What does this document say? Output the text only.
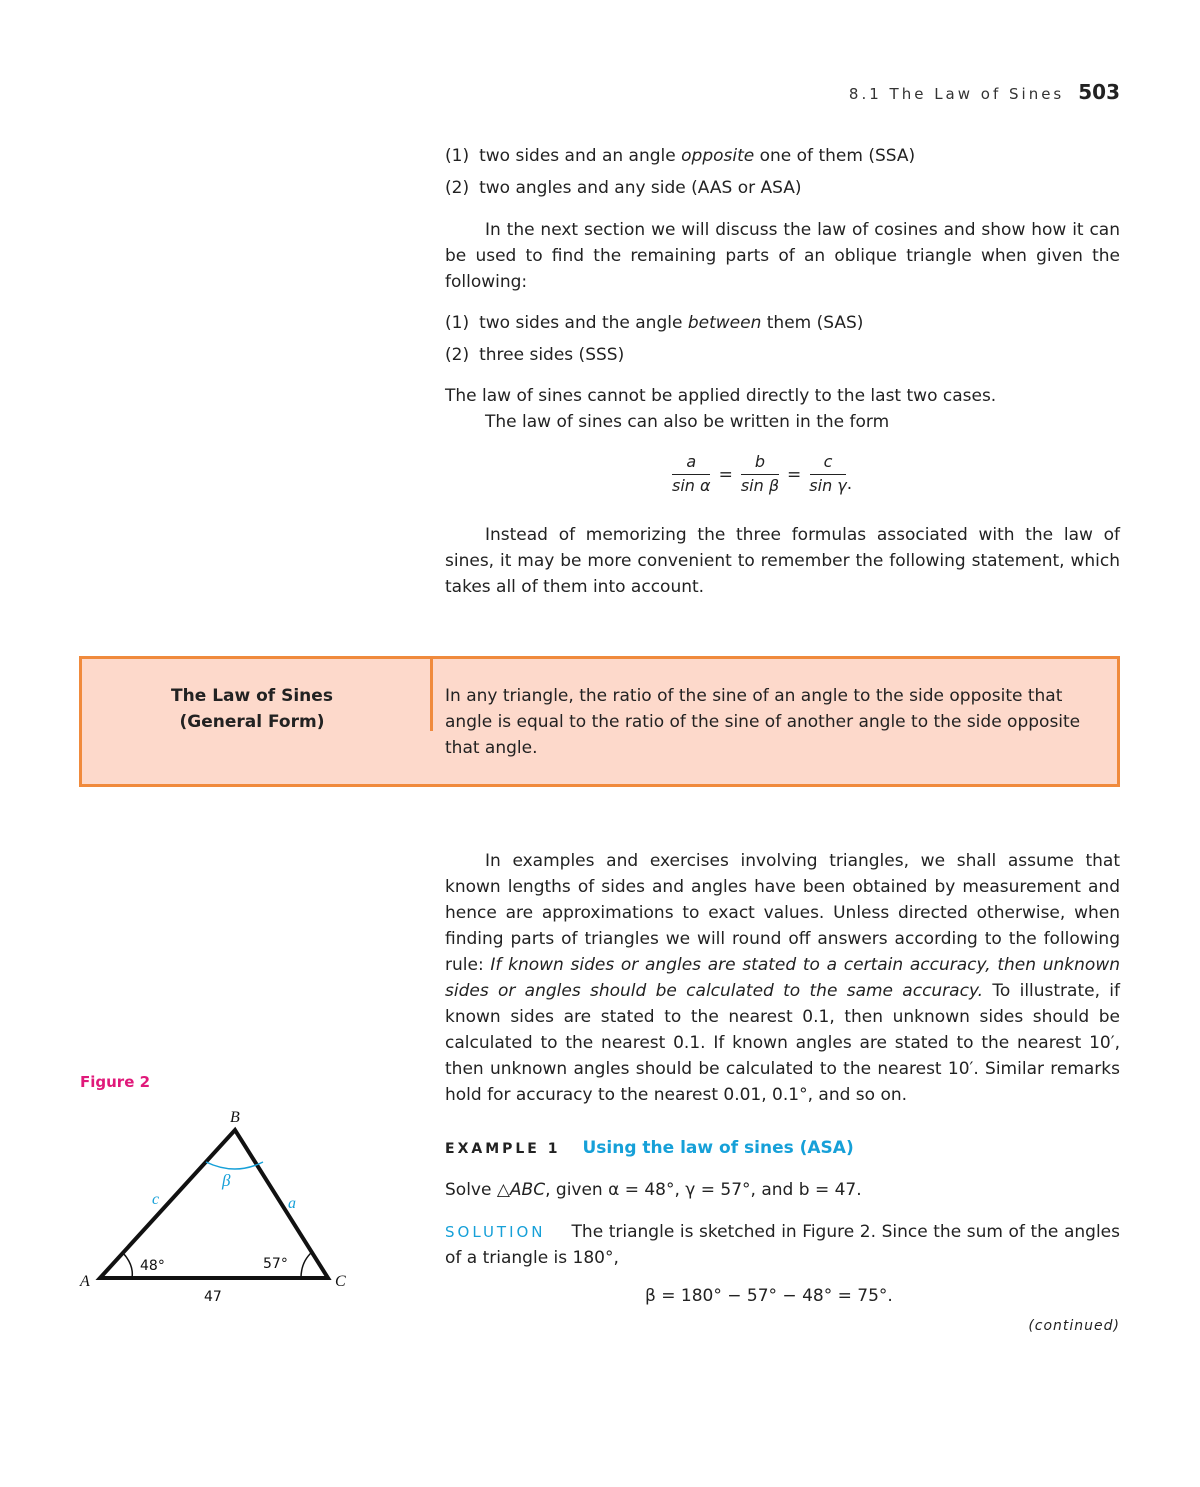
8.1 The Law of Sines 503
(1) two sides and an angle opposite one of them (SSA)
(2) two angles and any side (AAS or ASA)
In the next section we will discuss the law of cosines and show how it can be used to find the remaining parts of an oblique triangle when given the following:
(1) two sides and the angle between them (SAS)
(2) three sides (SSS)
The law of sines cannot be applied directly to the last two cases.
The law of sines can also be written in the form
$\frac{a}{\text{sin α}} = \frac{b}{\text{sin β}} = \frac{c}{\text{sin γ}}$ .
Instead of memorizing the three formulas associated with the law of sines, it may be more convenient to remember the following statement, which takes all of them into account.
The Law of Sines
(General Form)
In any triangle, the ratio of the sine of an angle to the side opposite that angle is equal to the ratio of the sine of another angle to the side opposite that angle.
In examples and exercises involving triangles, we shall assume that known lengths of sides and angles have been obtained by measurement and hence are approximations to exact values. Unless directed otherwise, when finding parts of triangles we will round off answers according to the following rule: If known sides or angles are stated to a certain accuracy, then unknown sides or angles should be calculated to the same accuracy. To illustrate, if known sides are stated to the nearest 0.1, then unknown sides should be calculated to the nearest 0.1. If known angles are stated to the nearest 10′, then unknown angles should be calculated to the nearest 10′. Similar remarks hold for accuracy to the nearest 0.01, 0.1°, and so on.
Figure 2
B
A	C
β
c	a
48°	57°
47
EXAMPLE 1 Using the law of sines (ASA)
Solve △ABC, given α = 48°, γ = 57°, and b = 47.
SOLUTION The triangle is sketched in Figure 2. Since the sum of the angles of a triangle is 180°,
β = 180° − 57° − 48° = 75°.
(continued)
